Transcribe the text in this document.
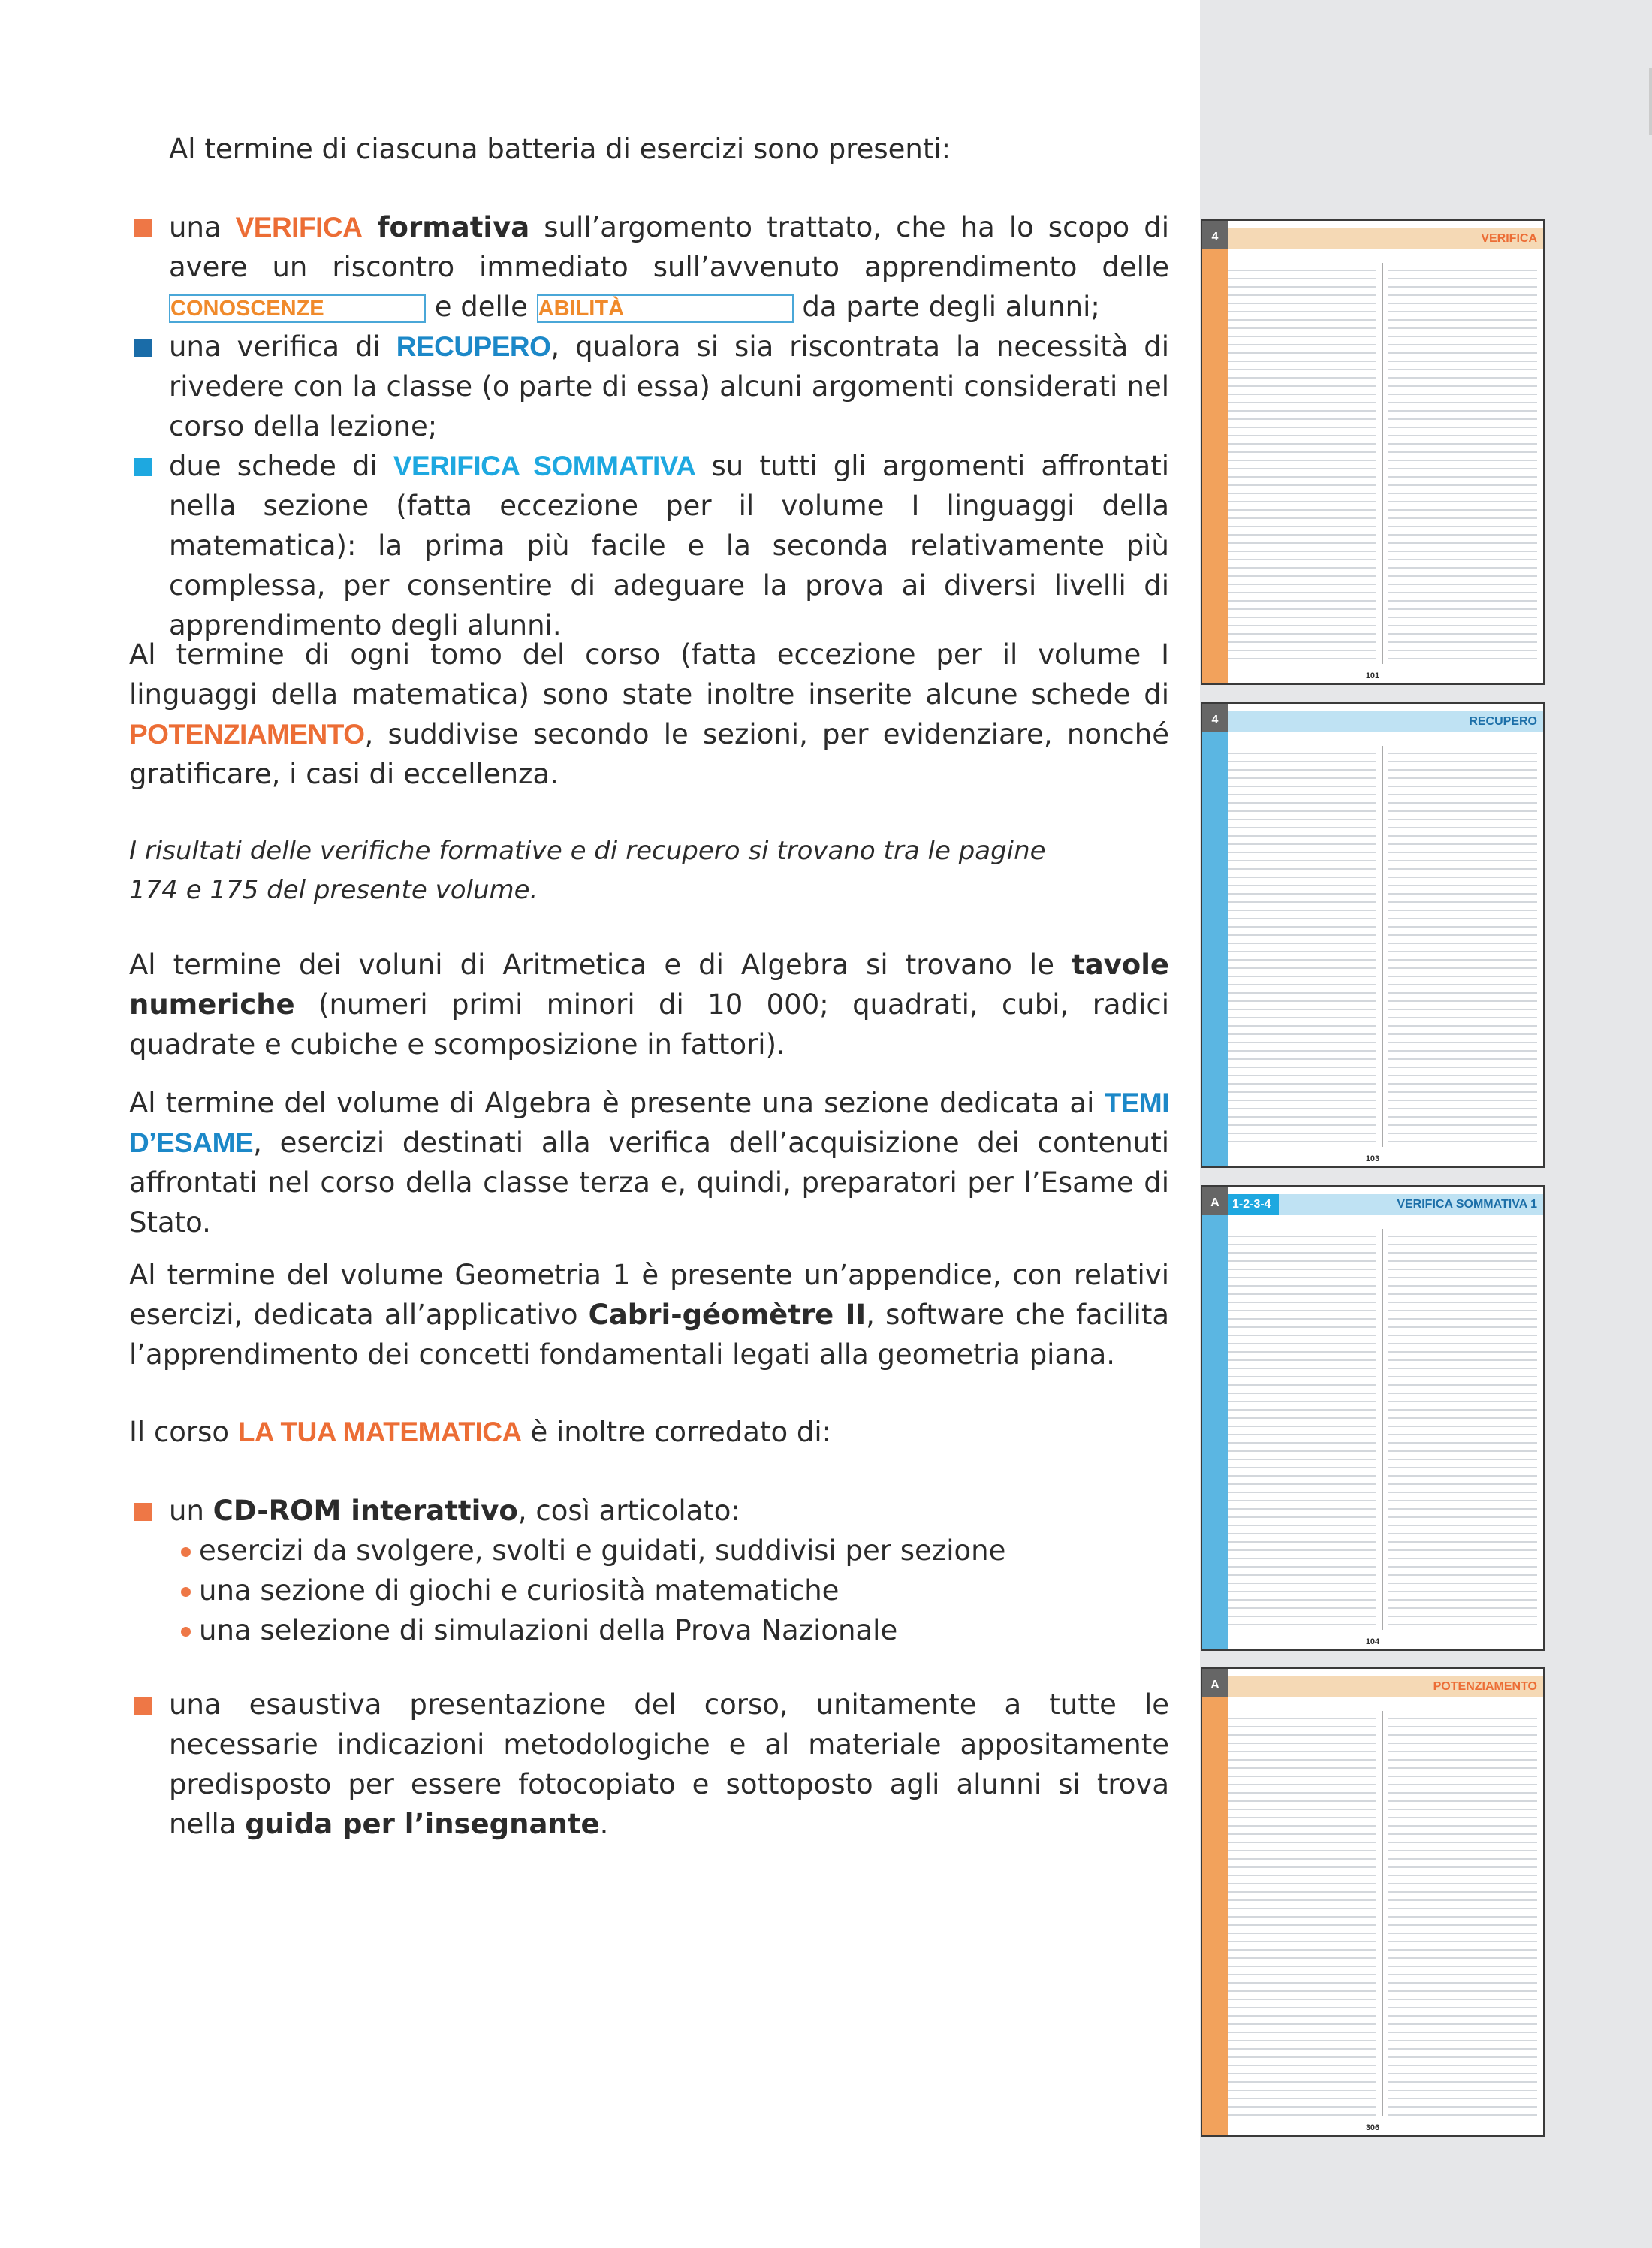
Al termine di ciascuna batteria di esercizi sono presenti:

una VERIFICA formativa sull’argomento trattato, che ha lo scopo di avere un riscontro immediato sull’avvenuto apprendimento delle CONOSCENZE	e delle ABILITÀ	da parte degli alunni;

una verifica di RECUPERO, qualora si sia riscontrata la necessità di rivedere con la classe (o parte di essa) alcuni argomenti considerati nel corso della lezione;

due schede di VERIFICA SOMMATIVA su tutti gli argomenti affrontati nella sezione (fatta eccezione per il volume I linguaggi della matematica): la prima più facile e la seconda relativamente più complessa, per consentire di adeguare la prova ai diversi livelli di apprendimento degli alunni.

Al termine di ogni tomo del corso (fatta eccezione per il volume I linguaggi della matematica) sono state inoltre inserite alcune schede di POTENZIAMENTO, suddivise secondo le sezioni, per evidenziare, nonché gratificare, i casi di eccellenza.

I risultati delle verifiche formative e di recupero si trovano tra le pagine

174 e 175 del presente volume.

Al termine dei voluni di Aritmetica e di Algebra si trovano le tavole numeriche (numeri primi minori di 10 000; quadrati, cubi, radici quadrate e cubiche e scomposizione in fattori).

Al termine del volume di Algebra è presente una sezione dedicata ai TEMI D’ESAME, esercizi destinati alla verifica dell’acquisizione dei contenuti affrontati nel corso della classe terza e, quindi, preparatori per l’Esame di Stato.

Al termine del volume Geometria 1 è presente un’appendice, con relativi esercizi, dedicata all’applicativo Cabri-géomètre II, software che facilita l’apprendimento dei concetti fondamentali legati alla geometria piana.

Il corso LA TUA MATEMATICA è inoltre corredato di:

un CD-ROM interattivo, così articolato:

esercizi da svolgere, svolti e guidati, suddivisi per sezione

una sezione di giochi e curiosità matematiche

una selezione di simulazioni della Prova Nazionale

una esaustiva presentazione del corso, unitamente a tutte le necessarie indicazioni metodologiche e al materiale appositamente predisposto per essere fotocopiato e sottoposto agli alunni si trova nella guida per l’insegnante.

4	VERIFICA
101
4	RECUPERO
103
A	1-2-3-4	VERIFICA SOMMATIVA 1
104
A	POTENZIAMENTO
306
